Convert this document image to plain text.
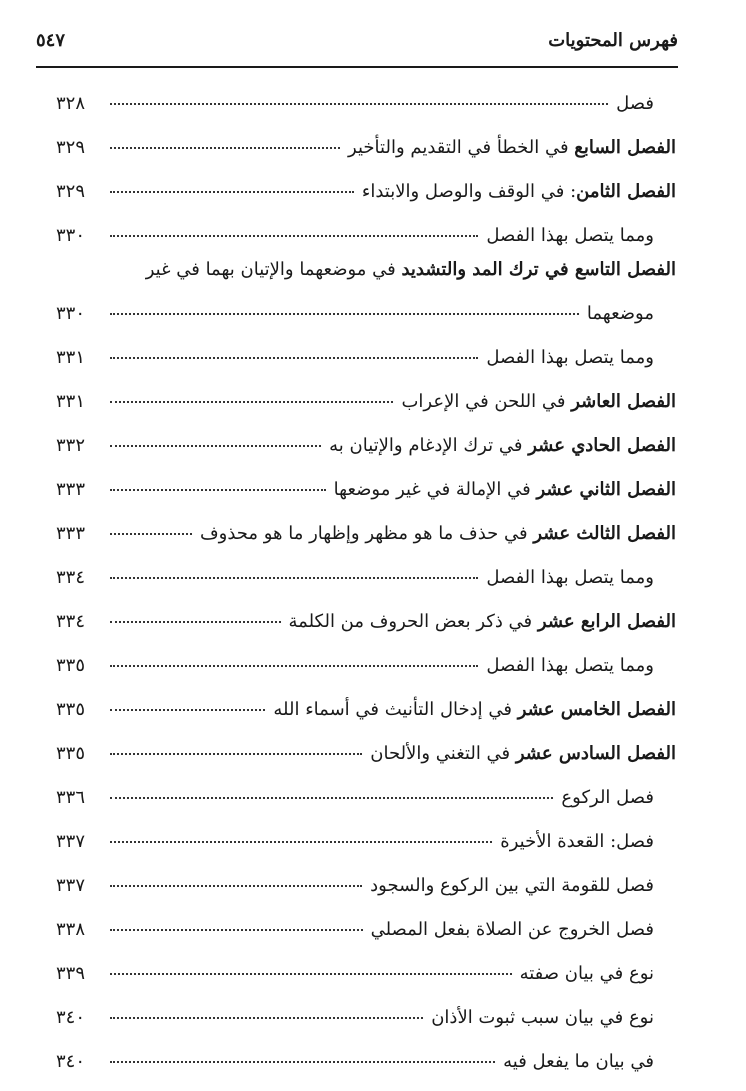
فهرس المحتويات
٥٤٧
فصل
٣٢٨
الفصل السابع في الخطأ في التقديم والتأخير
٣٢٩
الفصل الثامن: في الوقف والوصل والابتداء
٣٢٩
ومما يتصل بهذا الفصل
٣٣٠
الفصل التاسع في ترك المد والتشديد في موضعهما والإتيان بهما في غير
موضعهما
٣٣٠
ومما يتصل بهذا الفصل
٣٣١
الفصل العاشر في اللحن في الإعراب
٣٣١
الفصل الحادي عشر في ترك الإدغام والإتيان به
٣٣٢
الفصل الثاني عشر في الإمالة في غير موضعها
٣٣٣
الفصل الثالث عشر في حذف ما هو مظهر وإظهار ما هو محذوف
٣٣٣
ومما يتصل بهذا الفصل
٣٣٤
الفصل الرابع عشر في ذكر بعض الحروف من الكلمة
٣٣٤
ومما يتصل بهذا الفصل
٣٣٥
الفصل الخامس عشر في إدخال التأنيث في أسماء الله
٣٣٥
الفصل السادس عشر في التغني والألحان
٣٣٥
فصل الركوع
٣٣٦
فصل: القعدة الأخيرة
٣٣٧
فصل للقومة التي بين الركوع والسجود
٣٣٧
فصل الخروج عن الصلاة بفعل المصلي
٣٣٨
نوع في بيان صفته
٣٣٩
نوع في بيان سبب ثبوت الأذان
٣٤٠
في بيان ما يفعل فيه
٣٤٠
